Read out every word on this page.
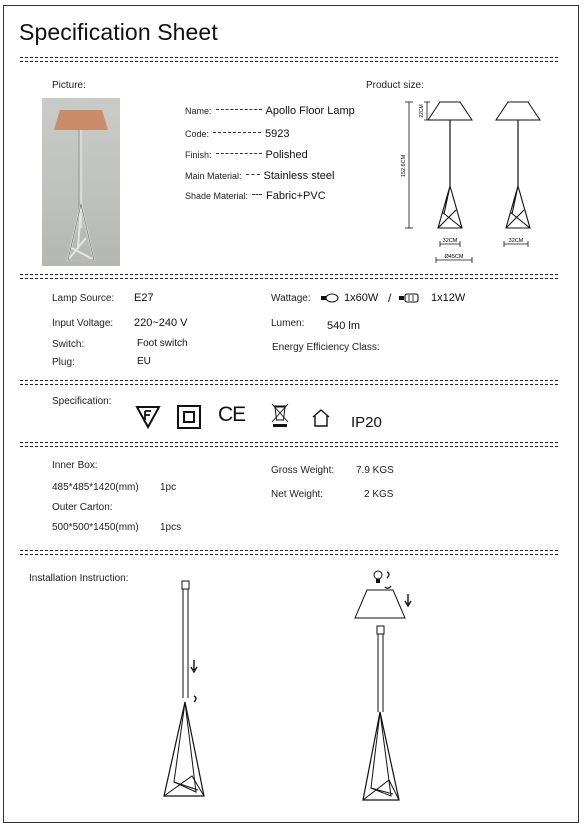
Specification Sheet
Picture:	Product size:
Name:	Apollo Floor Lamp
Code:	5923
Finish:	Polished
Main Material: Stainless steel
Shade Material: Fabric+PVC
22CM
152.6CM
32CM	32CM
Ø45CM
Lamp Source: E27
Input Voltage: 220~240 V
Switch:	Foot switch
Plug:	EU
Wattage:	1x60W /	1x12W
Lumen: 540 lm
Energy Efficiency Class:
Specification:
CE	IP20
Inner Box:
485*485*1420(mm) 1pc
Outer Carton:
500*500*1450(mm) 1pcs
Gross Weight: 7.9 KGS
Net Weight:	2 KGS
Installation Instruction:
